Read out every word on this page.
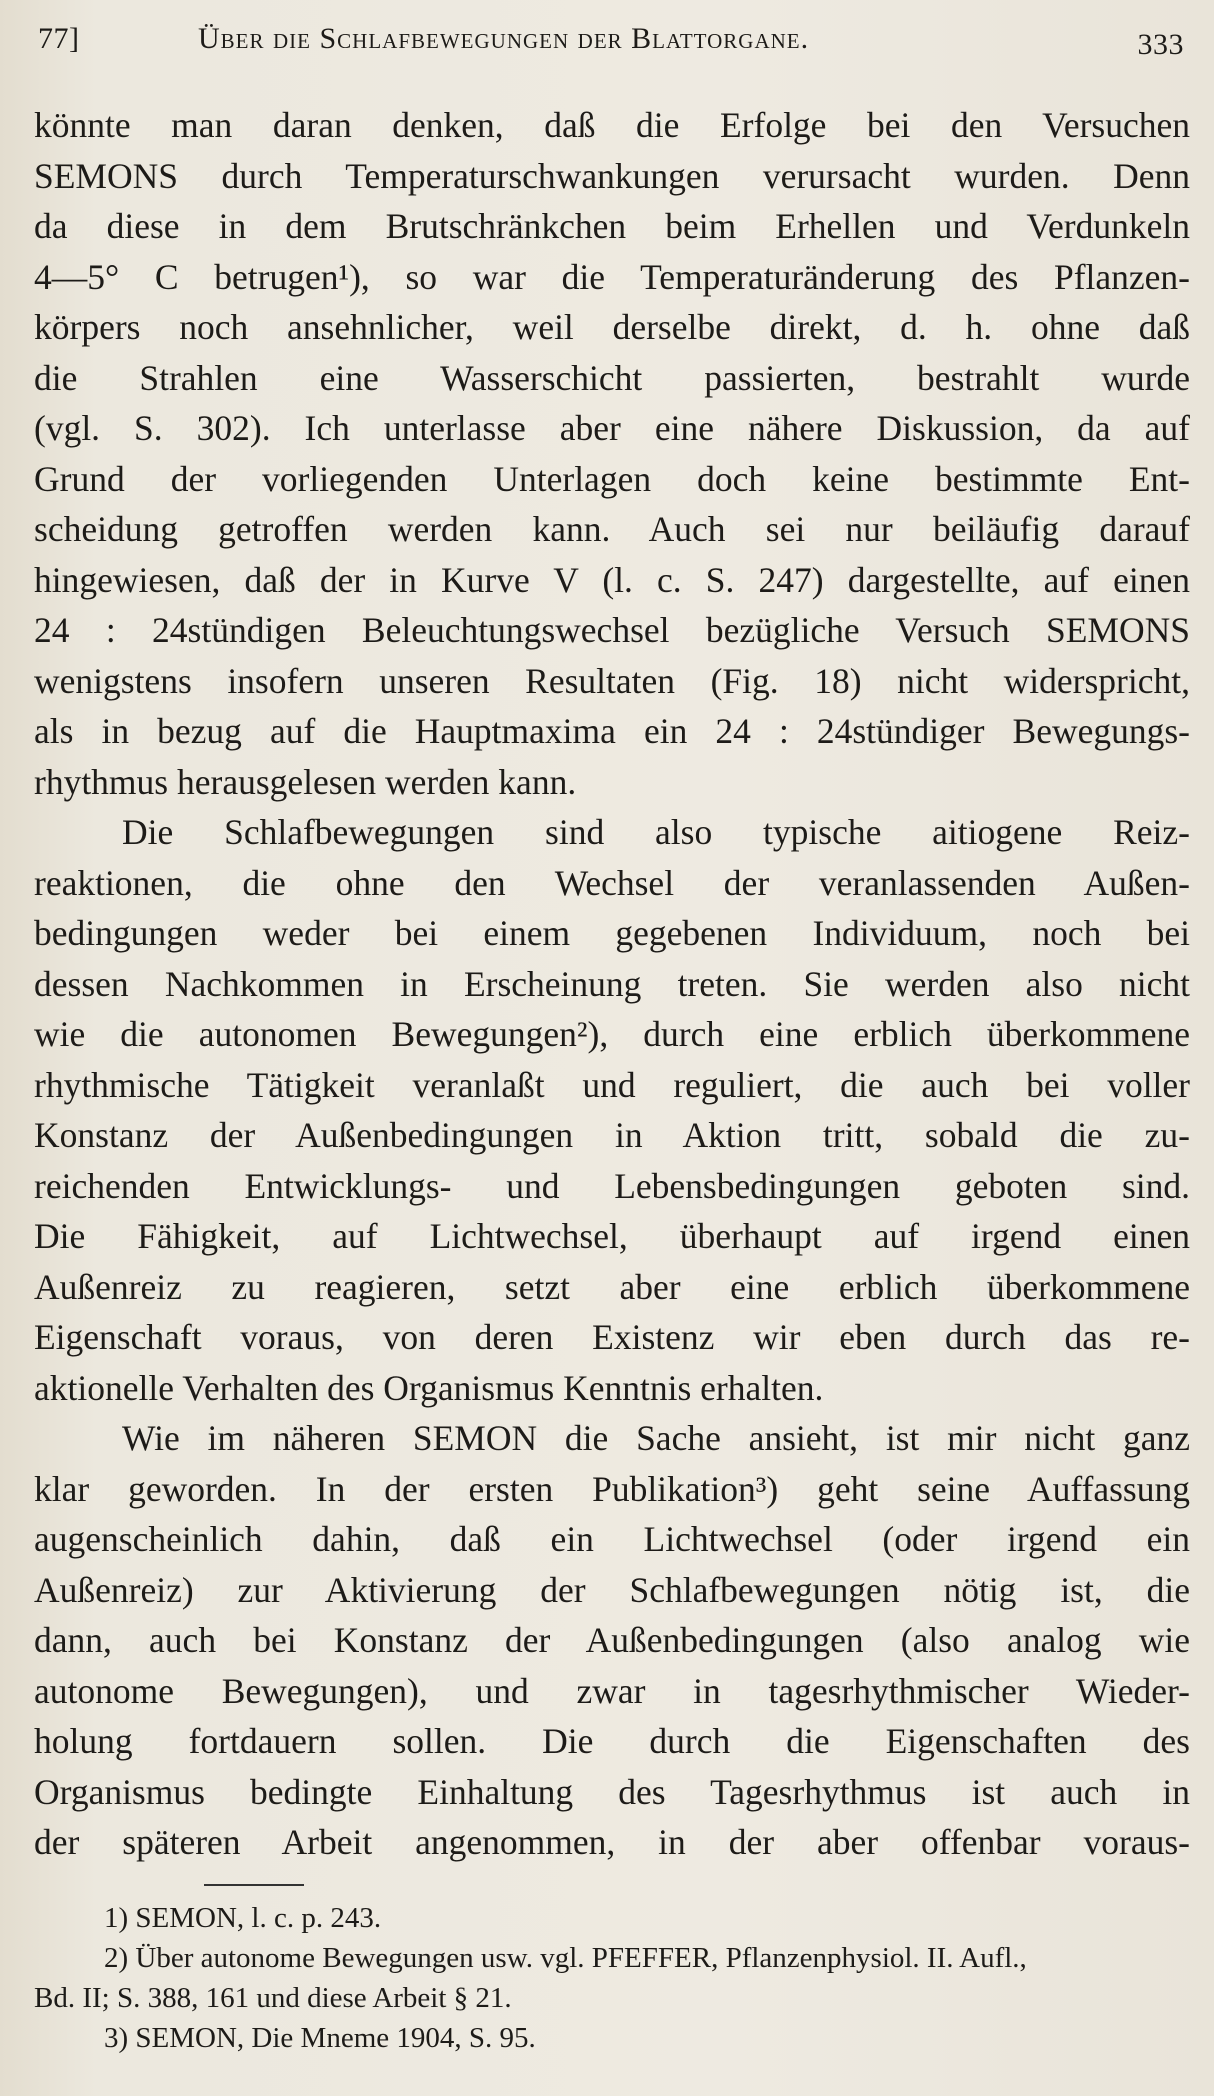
77]	Über die Schlafbewegungen der Blattorgane.	333

könnte man daran denken, daß die Erfolge bei den Versuchen

SEMONS durch Temperaturschwankungen verursacht wurden. Denn

da diese in dem Brutschränkchen beim Erhellen und Verdunkeln

4—5° C betrugen¹), so war die Temperaturänderung des Pflanzen-

körpers noch ansehnlicher, weil derselbe direkt, d. h. ohne daß

die Strahlen eine Wasserschicht passierten, bestrahlt wurde

(vgl. S. 302). Ich unterlasse aber eine nähere Diskussion, da auf

Grund der vorliegenden Unterlagen doch keine bestimmte Ent-

scheidung getroffen werden kann. Auch sei nur beiläufig darauf

hingewiesen, daß der in Kurve V (l. c. S. 247) dargestellte, auf einen

24 : 24stündigen Beleuchtungswechsel bezügliche Versuch SEMONS

wenigstens insofern unseren Resultaten (Fig. 18) nicht widerspricht,

als in bezug auf die Hauptmaxima ein 24 : 24stündiger Bewegungs-

rhythmus herausgelesen werden kann.

Die Schlafbewegungen sind also typische aitiogene Reiz-

reaktionen, die ohne den Wechsel der veranlassenden Außen-

bedingungen weder bei einem gegebenen Individuum, noch bei

dessen Nachkommen in Erscheinung treten. Sie werden also nicht

wie die autonomen Bewegungen²), durch eine erblich überkommene

rhythmische Tätigkeit veranlaßt und reguliert, die auch bei voller

Konstanz der Außenbedingungen in Aktion tritt, sobald die zu-

reichenden Entwicklungs- und Lebensbedingungen geboten sind.

Die Fähigkeit, auf Lichtwechsel, überhaupt auf irgend einen

Außenreiz zu reagieren, setzt aber eine erblich überkommene

Eigenschaft voraus, von deren Existenz wir eben durch das re-

aktionelle Verhalten des Organismus Kenntnis erhalten.

Wie im näheren SEMON die Sache ansieht, ist mir nicht ganz

klar geworden. In der ersten Publikation³) geht seine Auffassung

augenscheinlich dahin, daß ein Lichtwechsel (oder irgend ein

Außenreiz) zur Aktivierung der Schlafbewegungen nötig ist, die

dann, auch bei Konstanz der Außenbedingungen (also analog wie

autonome Bewegungen), und zwar in tagesrhythmischer Wieder-

holung fortdauern sollen. Die durch die Eigenschaften des

Organismus bedingte Einhaltung des Tagesrhythmus ist auch in

der späteren Arbeit angenommen, in der aber offenbar voraus-

1) SEMON, l. c. p. 243.

2) Über autonome Bewegungen usw. vgl. PFEFFER, Pflanzenphysiol. II. Aufl.,

Bd. II; S. 388, 161 und diese Arbeit § 21.

3) SEMON, Die Mneme 1904, S. 95.
